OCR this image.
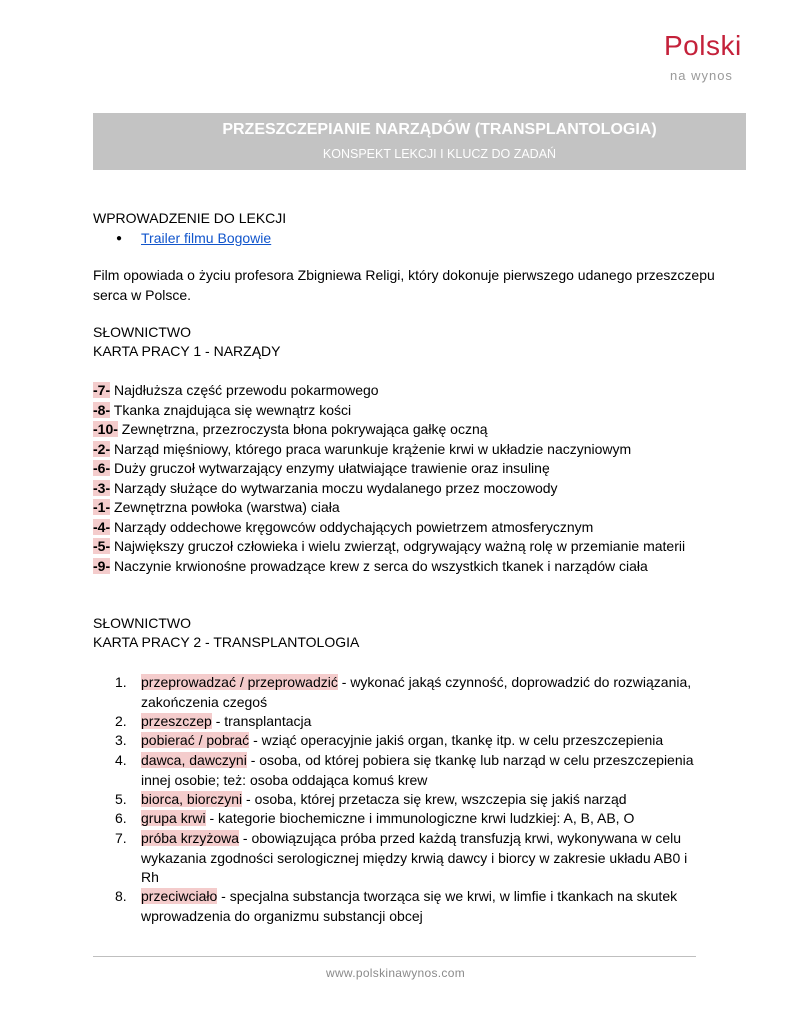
Polski
na wynos
PRZESZCZEPIANIE NARZĄDÓW (TRANSPLANTOLOGIA)
KONSPEKT LEKCJI I KLUCZ DO ZADAŃ
WPROWADZENIE DO LEKCJI
● Trailer filmu Bogowie
Film opowiada o życiu profesora Zbigniewa Religi, który dokonuje pierwszego udanego przeszczepu
serca w Polsce.
SŁOWNICTWO
KARTA PRACY 1 - NARZĄDY
-7- Najdłuższa część przewodu pokarmowego
-8- Tkanka znajdująca się wewnątrz kości
-10- Zewnętrzna, przezroczysta błona pokrywająca gałkę oczną
-2- Narząd mięśniowy, którego praca warunkuje krążenie krwi w układzie naczyniowym
-6- Duży gruczoł wytwarzający enzymy ułatwiające trawienie oraz insulinę
-3- Narządy służące do wytwarzania moczu wydalanego przez moczowody
-1- Zewnętrzna powłoka (warstwa) ciała
-4- Narządy oddechowe kręgowców oddychających powietrzem atmosferycznym
-5- Największy gruczoł człowieka i wielu zwierząt, odgrywający ważną rolę w przemianie materii
-9- Naczynie krwionośne prowadzące krew z serca do wszystkich tkanek i narządów ciała
SŁOWNICTWO
KARTA PRACY 2 - TRANSPLANTOLOGIA
1. przeprowadzać / przeprowadzić - wykonać jakąś czynność, doprowadzić do rozwiązania, zakończenia czegoś
2. przeszczep - transplantacja
3. pobierać / pobrać - wziąć operacyjnie jakiś organ, tkankę itp. w celu przeszczepienia
4. dawca, dawczyni - osoba, od której pobiera się tkankę lub narząd w celu przeszczepienia innej osobie; też: osoba oddająca komuś krew
5. biorca, biorczyni - osoba, której przetacza się krew, wszczepia się jakiś narząd
6. grupa krwi - kategorie biochemiczne i immunologiczne krwi ludzkiej: A, B, AB, O
7. próba krzyżowa - obowiązująca próba przed każdą transfuzją krwi, wykonywana w celu wykazania zgodności serologicznej między krwią dawcy i biorcy w zakresie układu AB0 i Rh
8. przeciwciało - specjalna substancja tworząca się we krwi, w limfie i tkankach na skutek wprowadzenia do organizmu substancji obcej
www.polskinawynos.com
